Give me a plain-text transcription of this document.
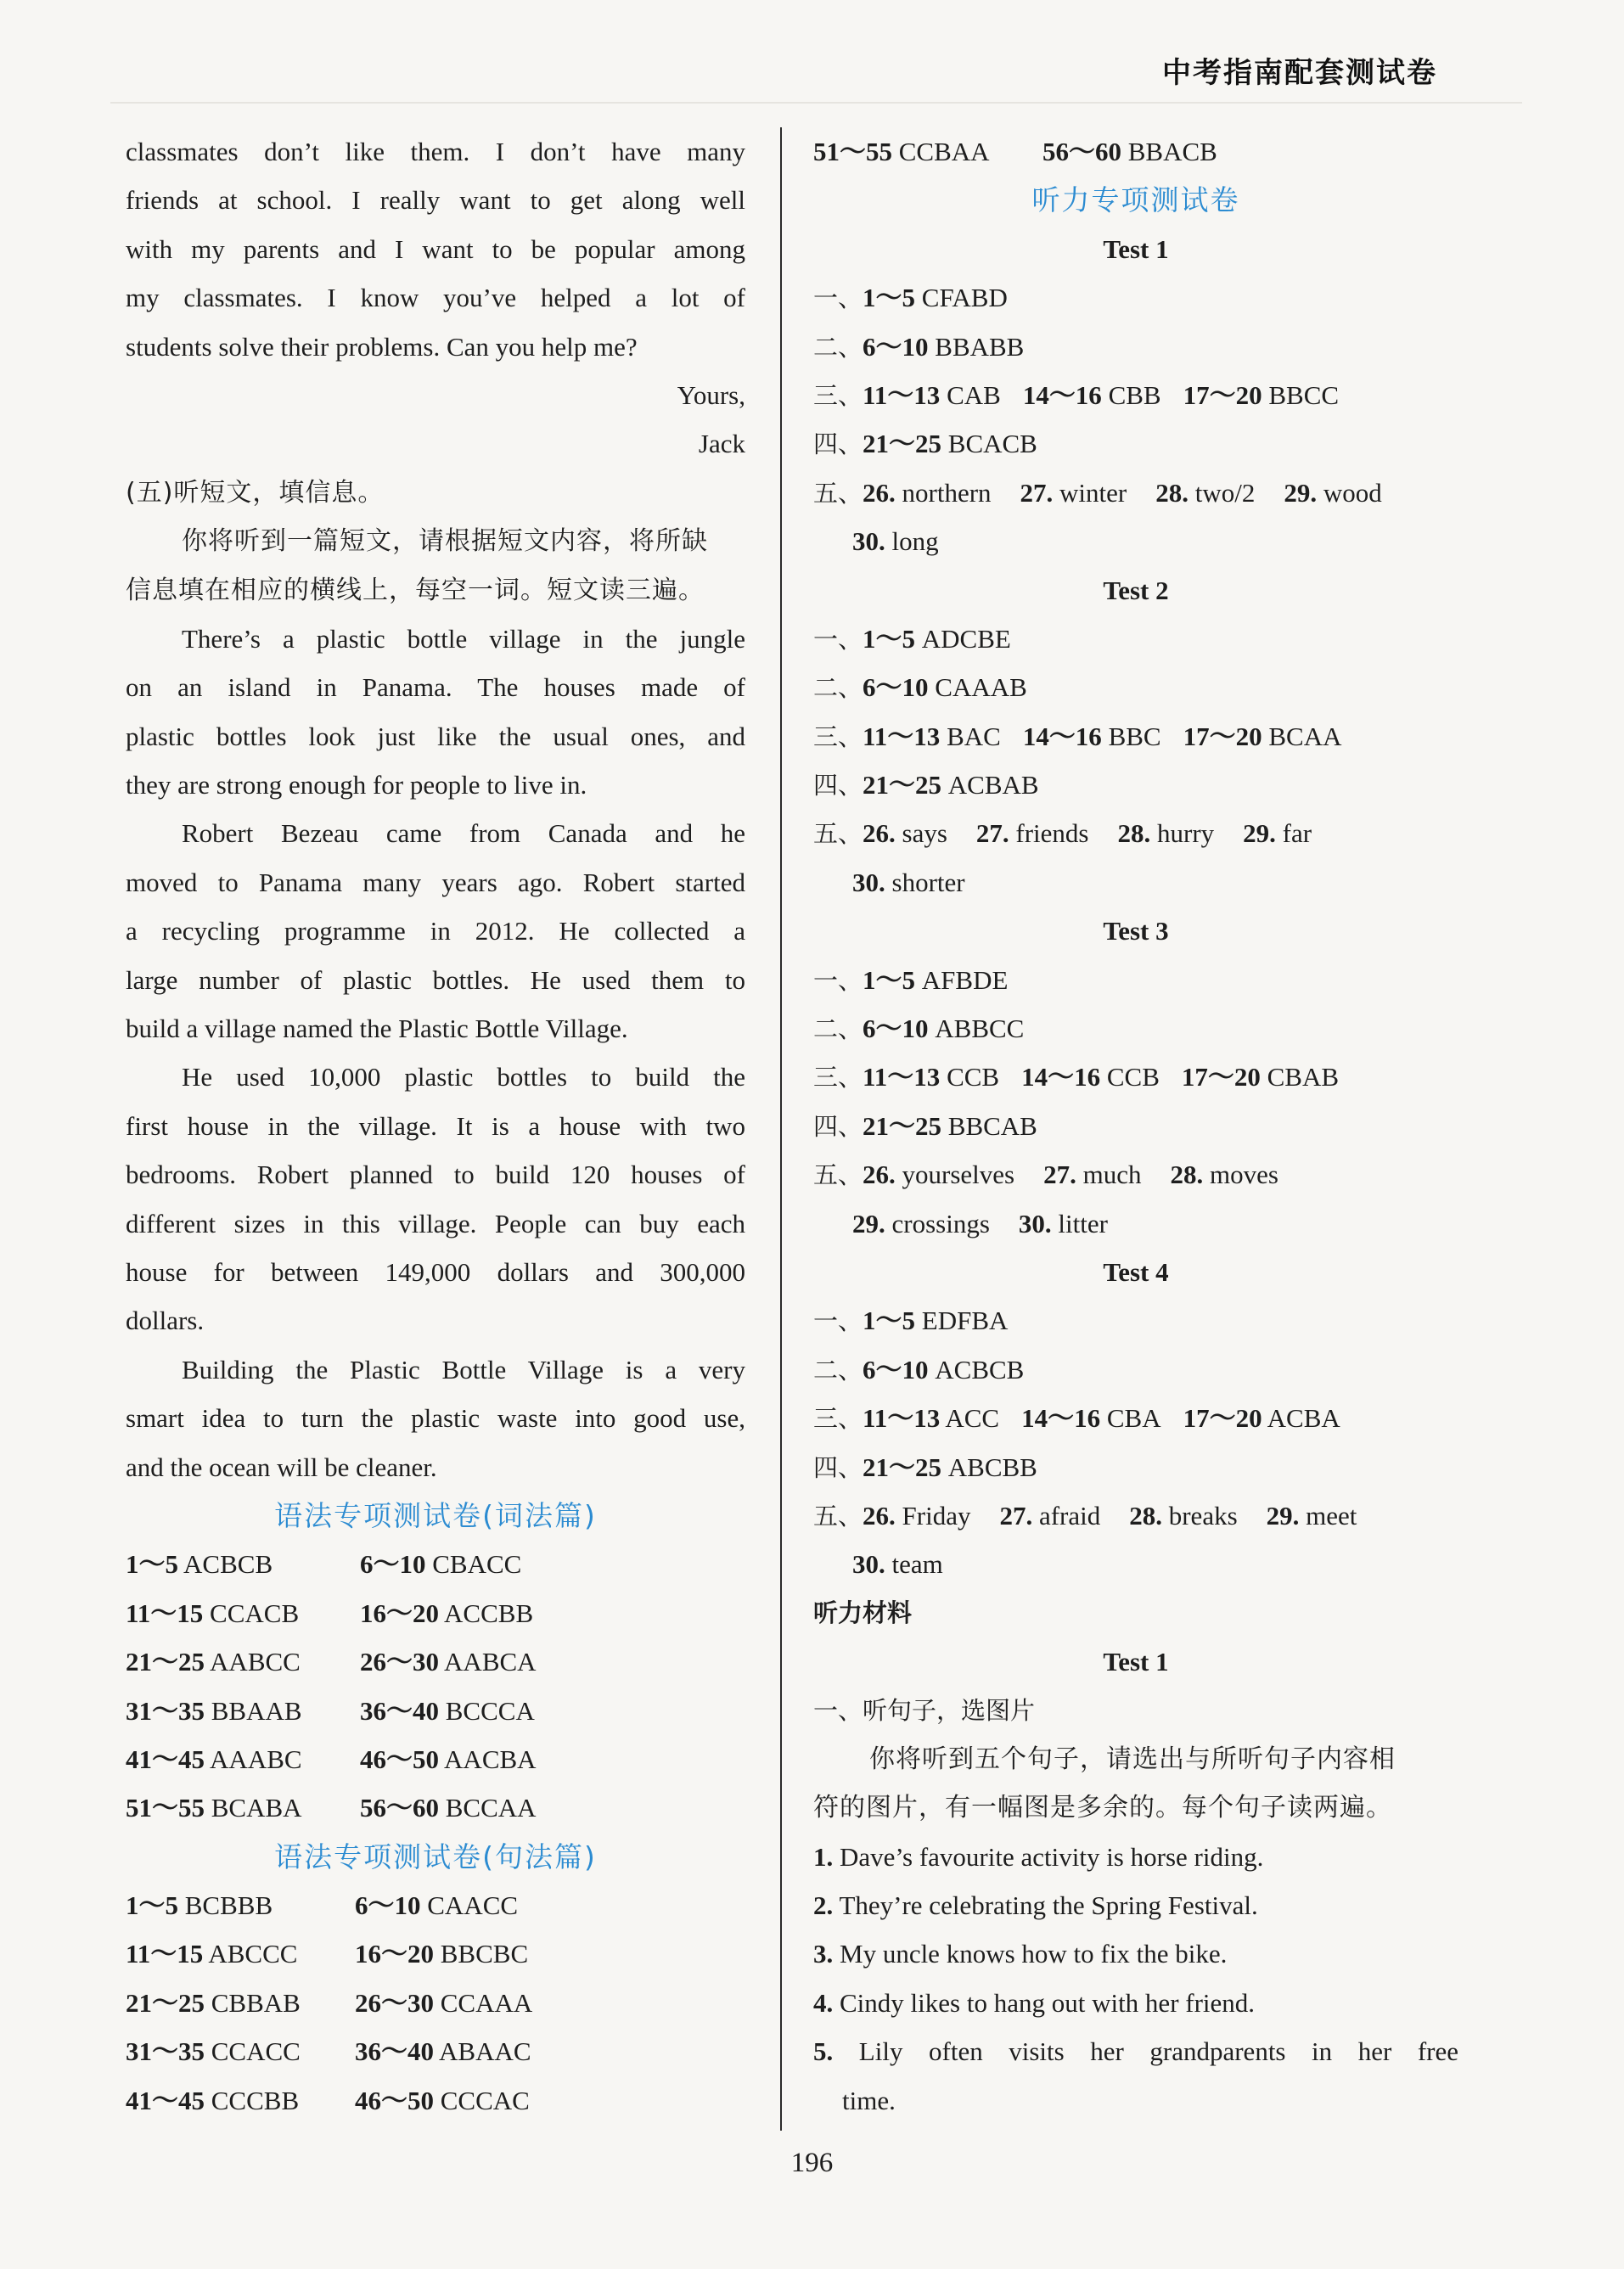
中考指南配套测试卷
classmates don’t like them. I don’t have many
friends at school. I really want to get along well
with my parents and I want to be popular among
my classmates. I know you’ve helped a lot of
students solve their problems. Can you help me?
Yours,
Jack
(五)听短文，填信息。
你将听到一篇短文，请根据短文内容，将所缺
信息填在相应的横线上，每空一词。短文读三遍。
There’s a plastic bottle village in the jungle
on an island in Panama. The houses made of
plastic bottles look just like the usual ones, and
they are strong enough for people to live in.
Robert Bezeau came from Canada and he
moved to Panama many years ago. Robert started
a recycling programme in 2012. He collected a
large number of plastic bottles. He used them to
build a village named the Plastic Bottle Village.
He used 10,000 plastic bottles to build the
first house in the village. It is a house with two
bedrooms. Robert planned to build 120 houses of
different sizes in this village. People can buy each
house for between 149,000 dollars and 300,000
dollars.
Building the Plastic Bottle Village is a very
smart idea to turn the plastic waste into good use,
and the ocean will be cleaner.
语法专项测试卷(词法篇)
1～5 ACBCB	6～10 CBACC
11～15 CCACB 16～20 ACCBB
21～25 AABCC 26～30 AABCA
31～35 BBAAB 36～40 BCCCA
41～45 AAABC 46～50 AACBA
51～55 BCABA 56～60 BCCAA
语法专项测试卷(句法篇)
1～5 BCBBB	6～10 CAACC
11～15 ABCCC 16～20 BBCBC
21～25 CBBAB 26～30 CCAAA
31～35 CCACC 36～40 ABAAC
41～45 CCCBB 46～50 CCCAC
51～55 CCBAA 56～60 BBACB
听力专项测试卷
Test 1
一、1～5 CFABD
二、6～10 BBABB
三、11～13 CAB 14～16 CBB 17～20 BBCC
四、21～25 BCACB
五、26. northern 27. winter 28. two/2 29. wood
30. long
Test 2
一、1～5 ADCBE
二、6～10 CAAAB
三、11～13 BAC 14～16 BBC 17～20 BCAA
四、21～25 ACBAB
五、26. says 27. friends 28. hurry 29. far
30. shorter
Test 3
一、1～5 AFBDE
二、6～10 ABBCC
三、11～13 CCB 14～16 CCB 17～20 CBAB
四、21～25 BBCAB
五、26. yourselves 27. much 28. moves
29. crossings 30. litter
Test 4
一、1～5 EDFBA
二、6～10 ACBCB
三、11～13 ACC 14～16 CBA 17～20 ACBA
四、21～25 ABCBB
五、26. Friday 27. afraid 28. breaks 29. meet
30. team
听力材料
Test 1
一、听句子，选图片
你将听到五个句子，请选出与所听句子内容相
符的图片，有一幅图是多余的。每个句子读两遍。
1. Dave’s favourite activity is horse riding.
2. They’re celebrating the Spring Festival.
3. My uncle knows how to fix the bike.
4. Cindy likes to hang out with her friend.
5. Lily often visits her grandparents in her free
time.
196
